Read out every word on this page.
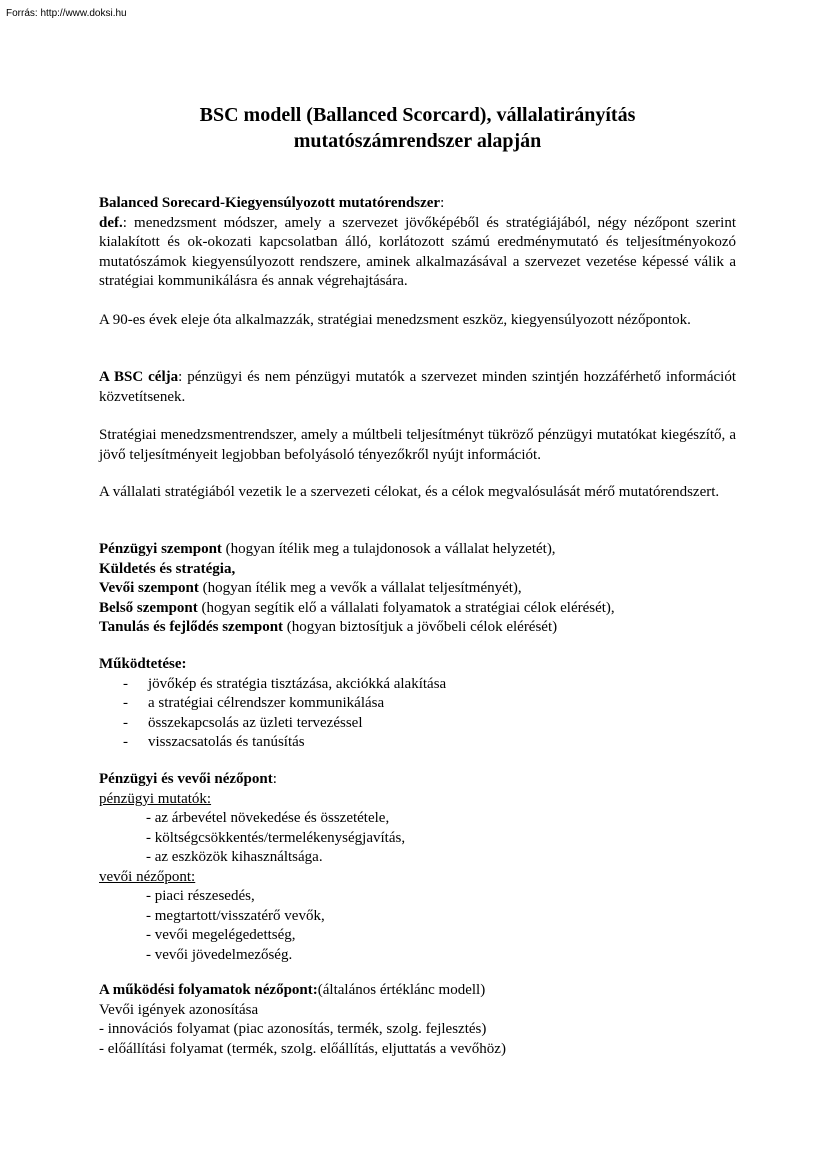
Forrás: http://www.doksi.hu
BSC modell (Ballanced Scorcard), vállalatirányítás
mutatószámrendszer alapján
Balanced Sorecard-Kiegyensúlyozott mutatórendszer:
def.: menedzsment módszer, amely a szervezet jövőképéből és stratégiájából, négy nézőpont szerint kialakított és ok-okozati kapcsolatban álló, korlátozott számú eredménymutató és teljesítményokozó mutatószámok kiegyensúlyozott rendszere, aminek alkalmazásával a szervezet vezetése képessé válik a stratégiai kommunikálásra és annak végrehajtására.
A 90-es évek eleje óta alkalmazzák, stratégiai menedzsment eszköz, kiegyensúlyozott nézőpontok.
A BSC célja: pénzügyi és nem pénzügyi mutatók a szervezet minden szintjén hozzáférhető információt közvetítsenek.
Stratégiai menedzsmentrendszer, amely a múltbeli teljesítményt tükröző pénzügyi mutatókat kiegészítő, a jövő teljesítményeit legjobban befolyásoló tényezőkről nyújt információt.
A vállalati stratégiából vezetik le a szervezeti célokat, és a célok megvalósulását mérő mutatórendszert.
Pénzügyi szempont (hogyan ítélik meg a tulajdonosok a vállalat helyzetét),
Küldetés és stratégia,
Vevői szempont (hogyan ítélik meg a vevők a vállalat teljesítményét),
Belső szempont (hogyan segítik elő a vállalati folyamatok a stratégiai célok elérését),
Tanulás és fejlődés szempont (hogyan biztosítjuk a jövőbeli célok elérését)
Működtetése:
- jövőkép és stratégia tisztázása, akciókká alakítása
- a stratégiai célrendszer kommunikálása
- összekapcsolás az üzleti tervezéssel
- visszacsatolás és tanúsítás
Pénzügyi és vevői nézőpont:
pénzügyi mutatók:
- az árbevétel növekedése és összetétele,
- költségcsökkentés/termelékenységjavítás,
- az eszközök kihasználtsága.
vevői nézőpont:
- piaci részesedés,
- megtartott/visszatérő vevők,
- vevői megelégedettség,
- vevői jövedelmezőség.
A működési folyamatok nézőpont:(általános értéklánc modell)
Vevői igények azonosítása
- innovációs folyamat (piac azonosítás, termék, szolg. fejlesztés)
- előállítási folyamat (termék, szolg. előállítás, eljuttatás a vevőhöz)
